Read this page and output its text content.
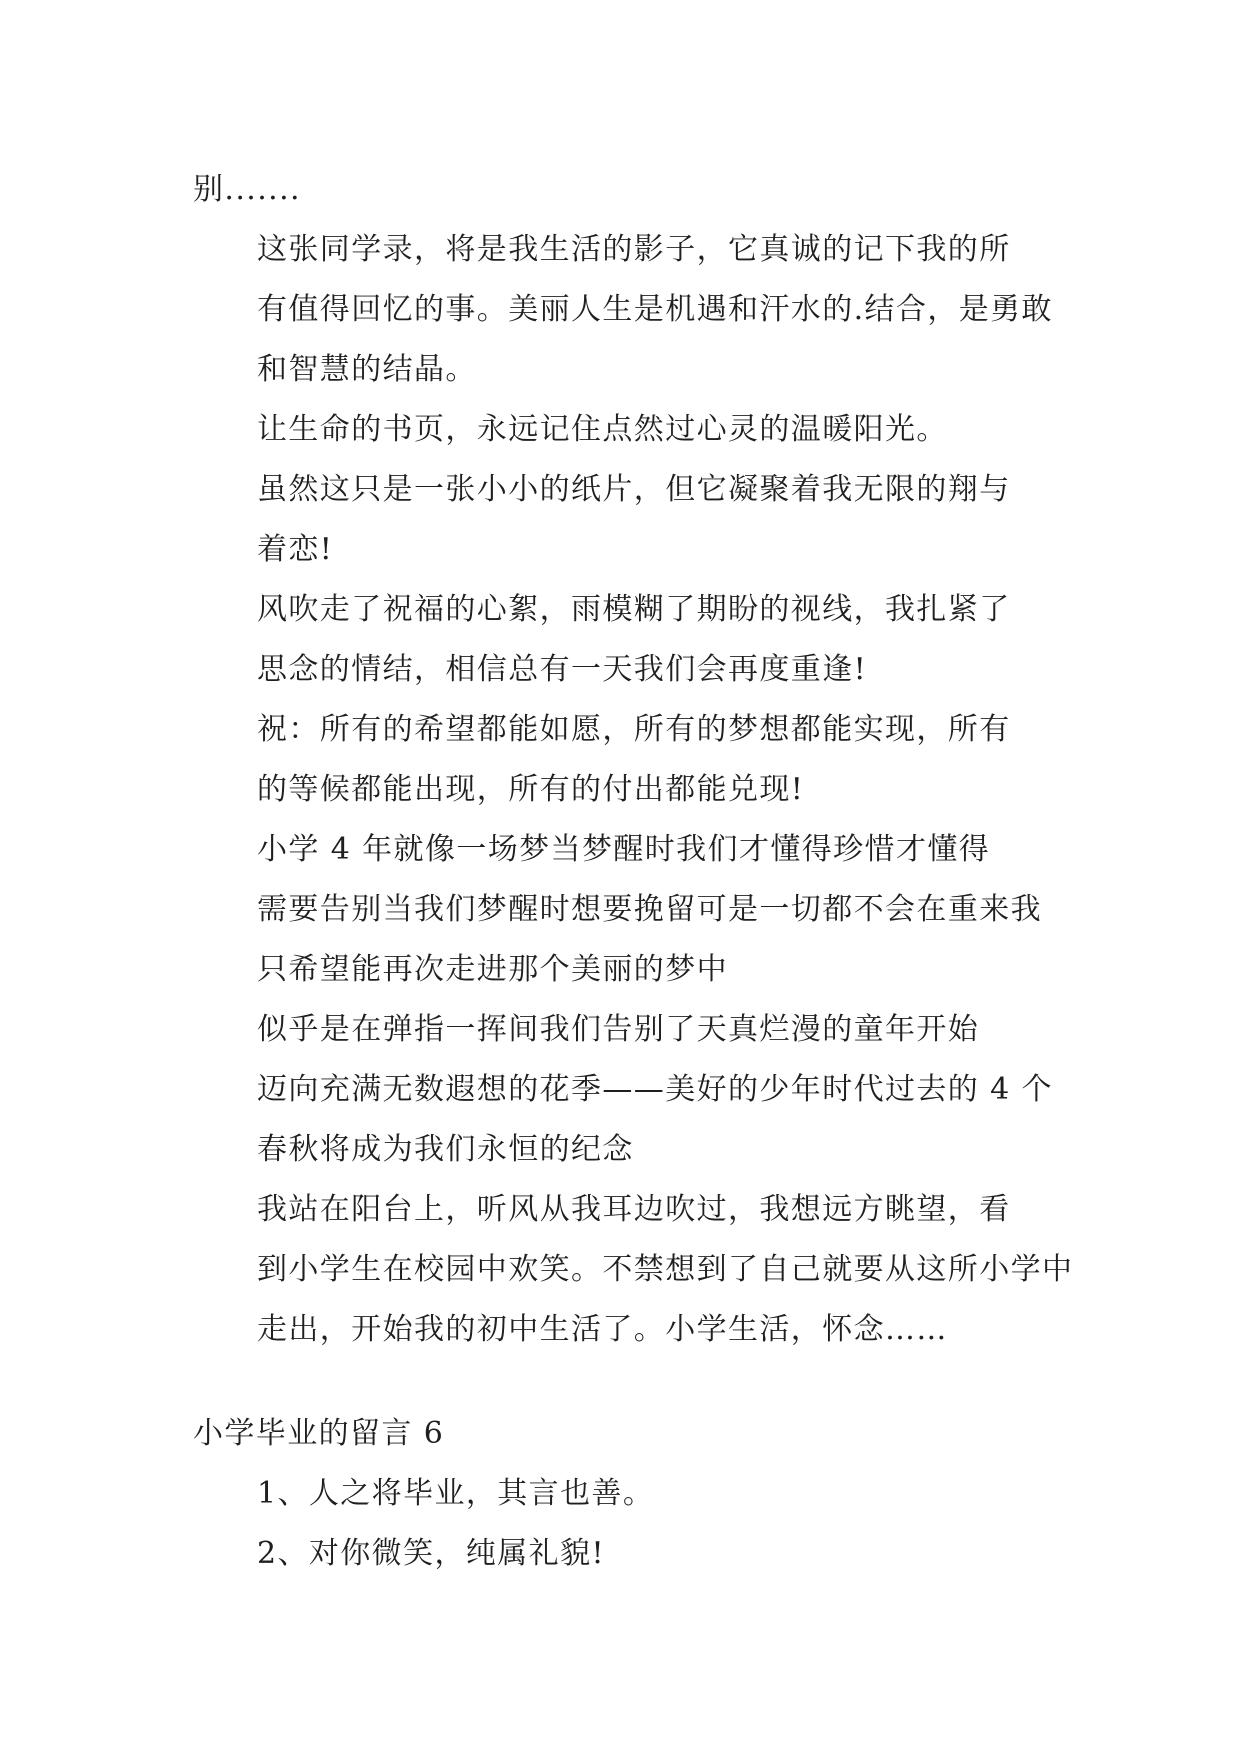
别.......

这张同学录，将是我生活的影子，它真诚的记下我的所
有值得回忆的事。美丽人生是机遇和汗水的.结合，是勇敢
和智慧的结晶。

让生命的书页，永远记住点然过心灵的温暖阳光。

虽然这只是一张小小的纸片，但它凝聚着我无限的翔与
着恋!

风吹走了祝福的心絮，雨模糊了期盼的视线，我扎紧了
思念的情结，相信总有一天我们会再度重逢!

祝：所有的希望都能如愿，所有的梦想都能实现，所有
的等候都能出现，所有的付出都能兑现!

小学 4 年就像一场梦当梦醒时我们才懂得珍惜才懂得
需要告别当我们梦醒时想要挽留可是一切都不会在重来我
只希望能再次走进那个美丽的梦中

似乎是在弹指一挥间我们告别了天真烂漫的童年开始
迈向充满无数遐想的花季——美好的少年时代过去的 4 个
春秋将成为我们永恒的纪念

我站在阳台上，听风从我耳边吹过，我想远方眺望，看
到小学生在校园中欢笑。不禁想到了自己就要从这所小学中
走出，开始我的初中生活了。小学生活，怀念……

小学毕业的留言 6

1、人之将毕业，其言也善。

2、对你微笑，纯属礼貌!
